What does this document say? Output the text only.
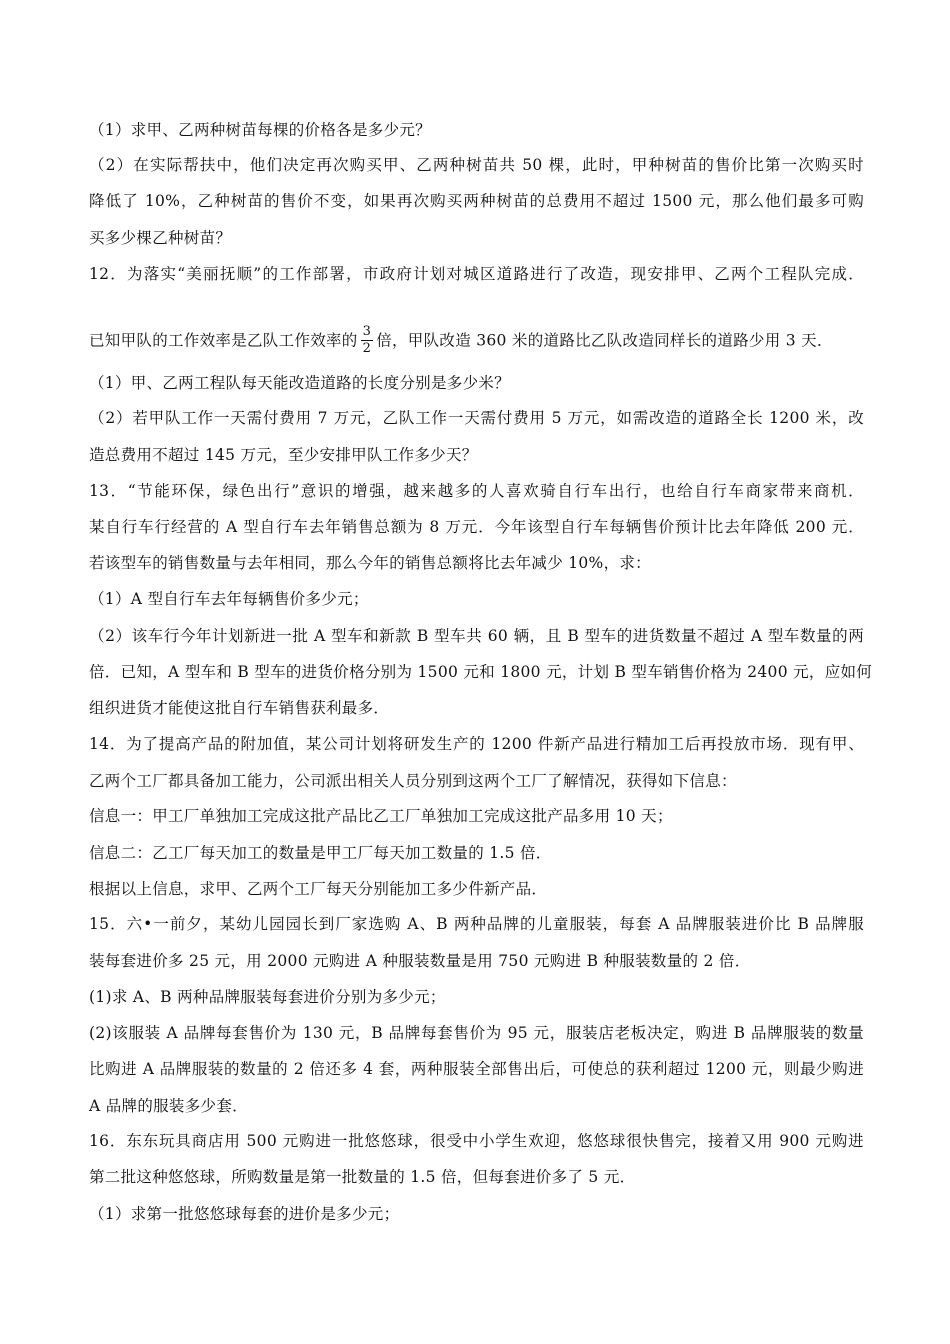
（1）求甲、乙两种树苗每棵的价格各是多少元？
（2）在实际帮扶中，他们决定再次购买甲、乙两种树苗共 50 棵，此时，甲种树苗的售价比第一次购买时
降低了 10%，乙种树苗的售价不变，如果再次购买两种树苗的总费用不超过 1500 元，那么他们最多可购
买多少棵乙种树苗？
12．为落实“美丽抚顺”的工作部署，市政府计划对城区道路进行了改造，现安排甲、乙两个工程队完成．
已知甲队的工作效率是乙队工作效率的 $\frac{3}{2}$ 倍，甲队改造 360 米的道路比乙队改造同样长的道路少用 3 天．
（1）甲、乙两工程队每天能改造道路的长度分别是多少米？
（2）若甲队工作一天需付费用 7 万元，乙队工作一天需付费用 5 万元，如需改造的道路全长 1200 米，改
造总费用不超过 145 万元，至少安排甲队工作多少天？
13．“节能环保，绿色出行”意识的增强，越来越多的人喜欢骑自行车出行，也给自行车商家带来商机．
某自行车行经营的 A 型自行车去年销售总额为 8 万元．今年该型自行车每辆售价预计比去年降低 200 元．
若该型车的销售数量与去年相同，那么今年的销售总额将比去年减少 10%，求：
（1）A 型自行车去年每辆售价多少元；
（2）该车行今年计划新进一批 A 型车和新款 B 型车共 60 辆，且 B 型车的进货数量不超过 A 型车数量的两
倍．已知，A 型车和 B 型车的进货价格分别为 1500 元和 1800 元，计划 B 型车销售价格为 2400 元，应如何
组织进货才能使这批自行车销售获利最多．
14．为了提高产品的附加值，某公司计划将研发生产的 1200 件新产品进行精加工后再投放市场．现有甲、
乙两个工厂都具备加工能力，公司派出相关人员分别到这两个工厂了解情况，获得如下信息：
信息一：甲工厂单独加工完成这批产品比乙工厂单独加工完成这批产品多用 10 天；
信息二：乙工厂每天加工的数量是甲工厂每天加工数量的 1.5 倍．
根据以上信息，求甲、乙两个工厂每天分别能加工多少件新产品．
15．六•一前夕，某幼儿园园长到厂家选购 A、B 两种品牌的儿童服装，每套 A 品牌服装进价比 B 品牌服
装每套进价多 25 元，用 2000 元购进 A 种服装数量是用 750 元购进 B 种服装数量的 2 倍．
(1)求 A、B 两种品牌服装每套进价分别为多少元；
(2)该服装 A 品牌每套售价为 130 元，B 品牌每套售价为 95 元，服装店老板决定，购进 B 品牌服装的数量
比购进 A 品牌服装的数量的 2 倍还多 4 套，两种服装全部售出后，可使总的获利超过 1200 元，则最少购进
A 品牌的服装多少套．
16．东东玩具商店用 500 元购进一批悠悠球，很受中小学生欢迎，悠悠球很快售完，接着又用 900 元购进
第二批这种悠悠球，所购数量是第一批数量的 1.5 倍，但每套进价多了 5 元．
（1）求第一批悠悠球每套的进价是多少元；
